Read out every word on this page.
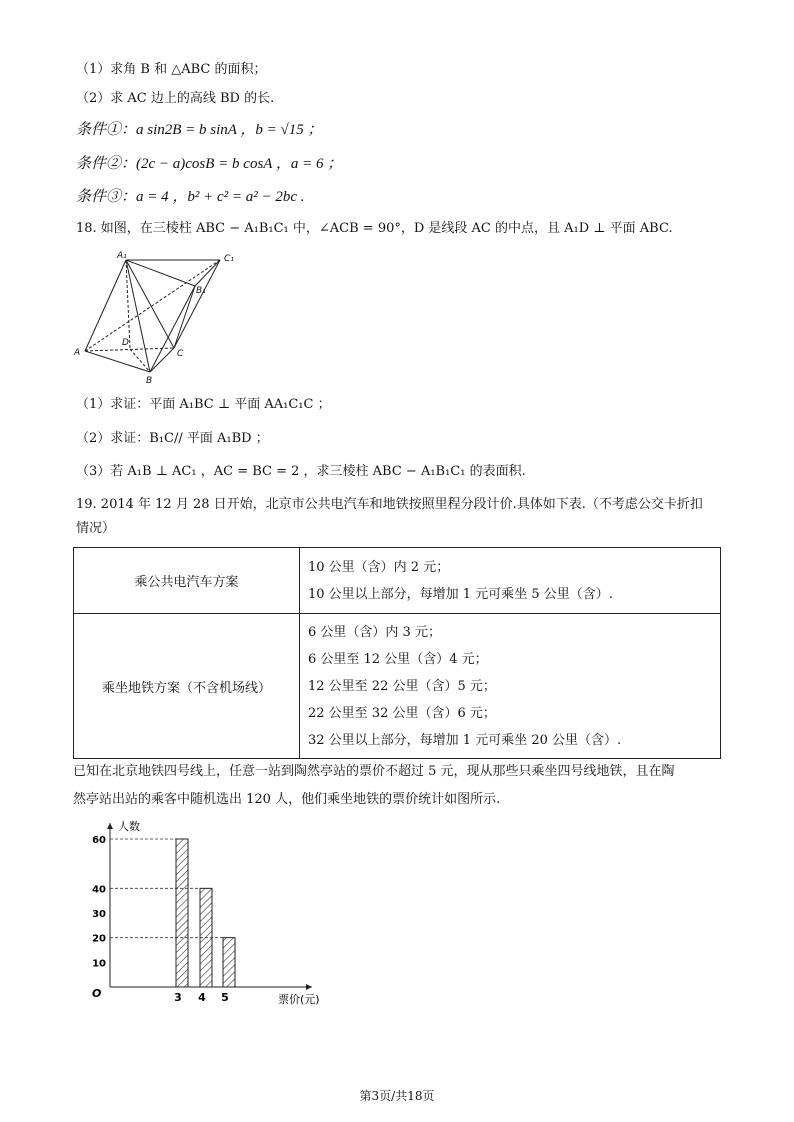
（1）求角 B 和 △ABC 的面积；
（2）求 AC 边上的高线 BD 的长.
条件①：a sin2B = b sinA ，b = √15 ；
条件②：(2c − a)cosB = b cosA ，a = 6 ；
条件③：a = 4 ，b² + c² = a² − 2bc .
18. 如图，在三棱柱 ABC − A₁B₁C₁ 中，∠ACB = 90°，D 是线段 AC 的中点，且 A₁D ⊥ 平面 ABC.
A₁	C₁
B₁
A
D
C
B
（1）求证：平面 A₁BC ⊥ 平面 AA₁C₁C ；
（2）求证：B₁C// 平面 A₁BD ；
（3）若 A₁B ⊥ AC₁ ，AC = BC = 2 ，求三棱柱 ABC − A₁B₁C₁ 的表面积.
19. 2014 年 12 月 28 日开始，北京市公共电汽车和地铁按照里程分段计价.具体如下表.（不考虑公交卡折扣
情况）
乘公共电汽车方案	10 公里（含）内 2 元；
10 公里以上部分，每增加 1 元可乘坐 5 公里（含）.

乘坐地铁方案（不含机场线）	6 公里（含）内 3 元；
6 公里至 12 公里（含）4 元；
12 公里至 22 公里（含）5 元；
22 公里至 32 公里（含）6 元；
32 公里以上部分，每增加 1 元可乘坐 20 公里（含）.
已知在北京地铁四号线上，任意一站到陶然亭站的票价不超过 5 元，现从那些只乘坐四号线地铁，且在陶
然亭站出站的乘客中随机选出 120 人，他们乘坐地铁的票价统计如图所示.
10
20
30
40
60
3 4 5
O
人数
票价(元)
第3页/共18页
